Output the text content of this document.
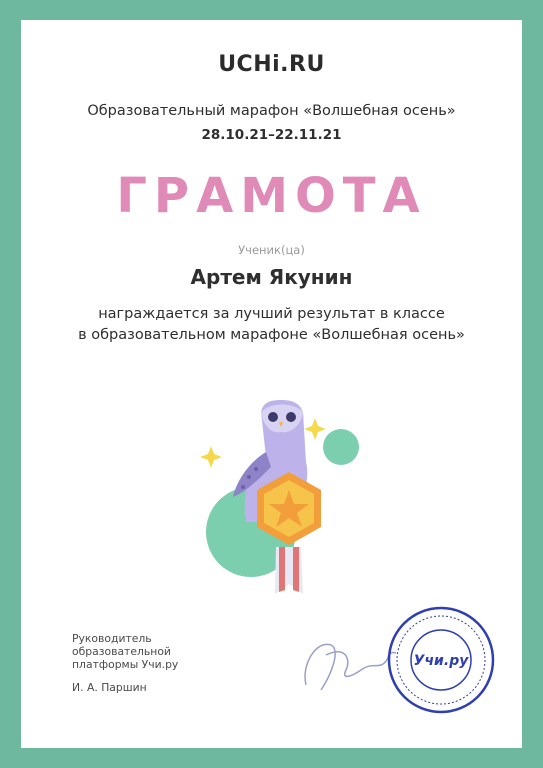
UCHi.RU
Образовательный марафон «Волшебная осень»
28.10.21–22.11.21
ГРАМОТА
Ученик(ца)
Артем Якунин
награждается за лучший результат в классе
в образовательном марафоне «Волшебная осень»
Руководитель
образовательной
платформы Учи.ру
И. А. Паршин
Учи.ру
